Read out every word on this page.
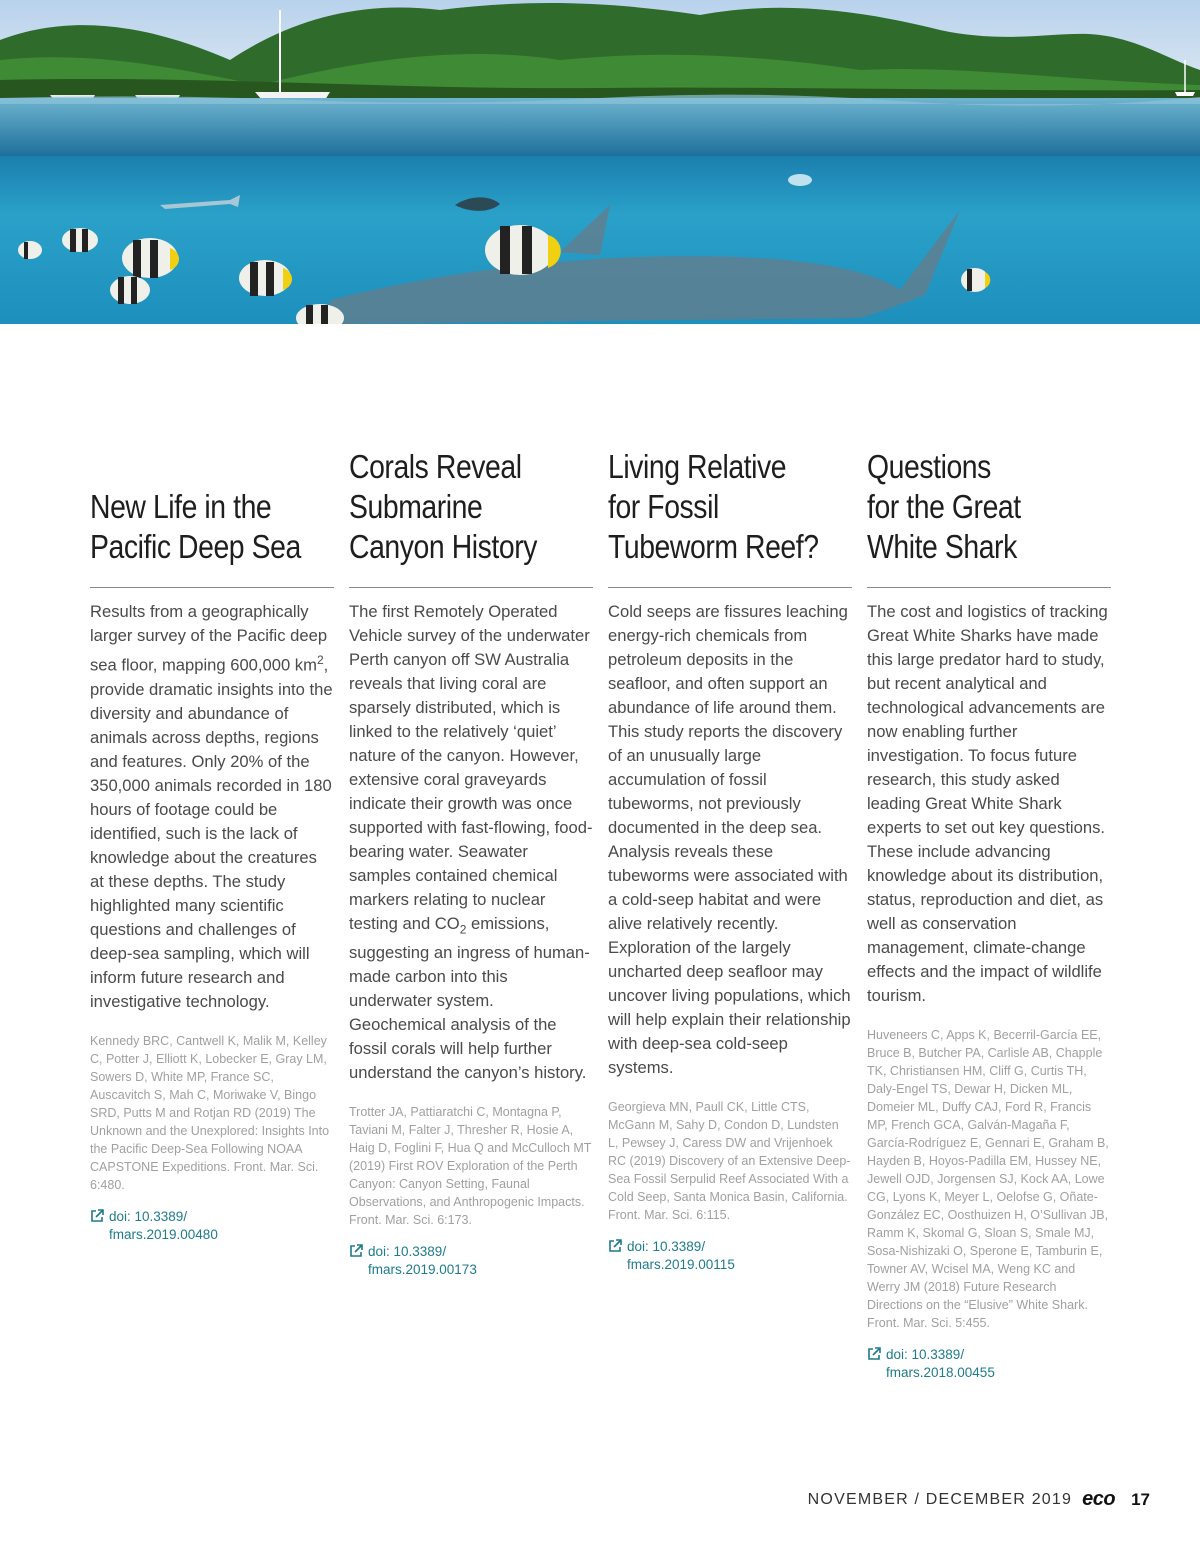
New Life in the
Pacific Deep Sea

Results from a geographically larger survey of the Pacific deep sea floor, mapping 600,000 $km^2$, provide dramatic insights into the diversity and abundance of animals across depths, regions and features. Only 20% of the 350,000 animals recorded in 180 hours of footage could be identified, such is the lack of knowledge about the creatures at these depths. The study highlighted many scientific questions and challenges of deep-sea sampling, which will inform future research and investigative technology.

Kennedy BRC, Cantwell K, Malik M, Kelley C, Potter J, Elliott K, Lobecker E, Gray LM, Sowers D, White MP, France SC, Auscavitch S, Mah C, Moriwake V, Bingo SRD, Putts M and Rotjan RD (2019) The Unknown and the Unexplored: Insights Into the Pacific Deep-Sea Following NOAA CAPSTONE Expeditions. Front. Mar. Sci. 6:480.

doi: 10.3389/
fmars.2019.00480
Corals Reveal
Submarine
Canyon History

The first Remotely Operated Vehicle survey of the underwater Perth canyon off SW Australia reveals that living coral are sparsely distributed, which is linked to the relatively ‘quiet’ nature of the canyon. However, extensive coral graveyards indicate their growth was once supported with fast-flowing, food-bearing water. Seawater samples contained chemical markers relating to nuclear testing and $CO_2$ emissions, suggesting an ingress of human-made carbon into this underwater system. Geochemical analysis of the fossil corals will help further understand the canyon’s history.

Trotter JA, Pattiaratchi C, Montagna P, Taviani M, Falter J, Thresher R, Hosie A, Haig D, Foglini F, Hua Q and McCulloch MT (2019) First ROV Exploration of the Perth Canyon: Canyon Setting, Faunal Observations, and Anthropogenic Impacts. Front. Mar. Sci. 6:173.

doi: 10.3389/
fmars.2019.00173
Living Relative
for Fossil
Tubeworm Reef?

Cold seeps are fissures leaching energy-rich chemicals from petroleum deposits in the seafloor, and often support an abundance of life around them. This study reports the discovery of an unusually large accumulation of fossil tubeworms, not previously documented in the deep sea. Analysis reveals these tubeworms were associated with a cold-seep habitat and were alive relatively recently. Exploration of the largely uncharted deep seafloor may uncover living populations, which will help explain their relationship with deep-sea cold-seep systems.

Georgieva MN, Paull CK, Little CTS, McGann M, Sahy D, Condon D, Lundsten L, Pewsey J, Caress DW and Vrijenhoek RC (2019) Discovery of an Extensive Deep-Sea Fossil Serpulid Reef Associated With a Cold Seep, Santa Monica Basin, California. Front. Mar. Sci. 6:115.

doi: 10.3389/
fmars.2019.00115
Questions
for the Great
White Shark

The cost and logistics of tracking Great White Sharks have made this large predator hard to study, but recent analytical and technological advancements are now enabling further investigation. To focus future research, this study asked leading Great White Shark experts to set out key questions. These include advancing knowledge about its distribution, status, reproduction and diet, as well as conservation management, climate-change effects and the impact of wildlife tourism.

Huveneers C, Apps K, Becerril-García EE, Bruce B, Butcher PA, Carlisle AB, Chapple TK, Christiansen HM, Cliff G, Curtis TH, Daly-Engel TS, Dewar H, Dicken ML, Domeier ML, Duffy CAJ, Ford R, Francis MP, French GCA, Galván-Magaña F, García-Rodríguez E, Gennari E, Graham B, Hayden B, Hoyos-Padilla EM, Hussey NE, Jewell OJD, Jorgensen SJ, Kock AA, Lowe CG, Lyons K, Meyer L, Oelofse G, Oñate-González EC, Oosthuizen H, O’Sullivan JB, Ramm K, Skomal G, Sloan S, Smale MJ, Sosa-Nishizaki O, Sperone E, Tamburin E, Towner AV, Wcisel MA, Weng KC and Werry JM (2018) Future Research Directions on the “Elusive” White Shark. Front. Mar. Sci. 5:455.

doi: 10.3389/
fmars.2018.00455
NOVEMBER / DECEMBER 2019 eco 17
